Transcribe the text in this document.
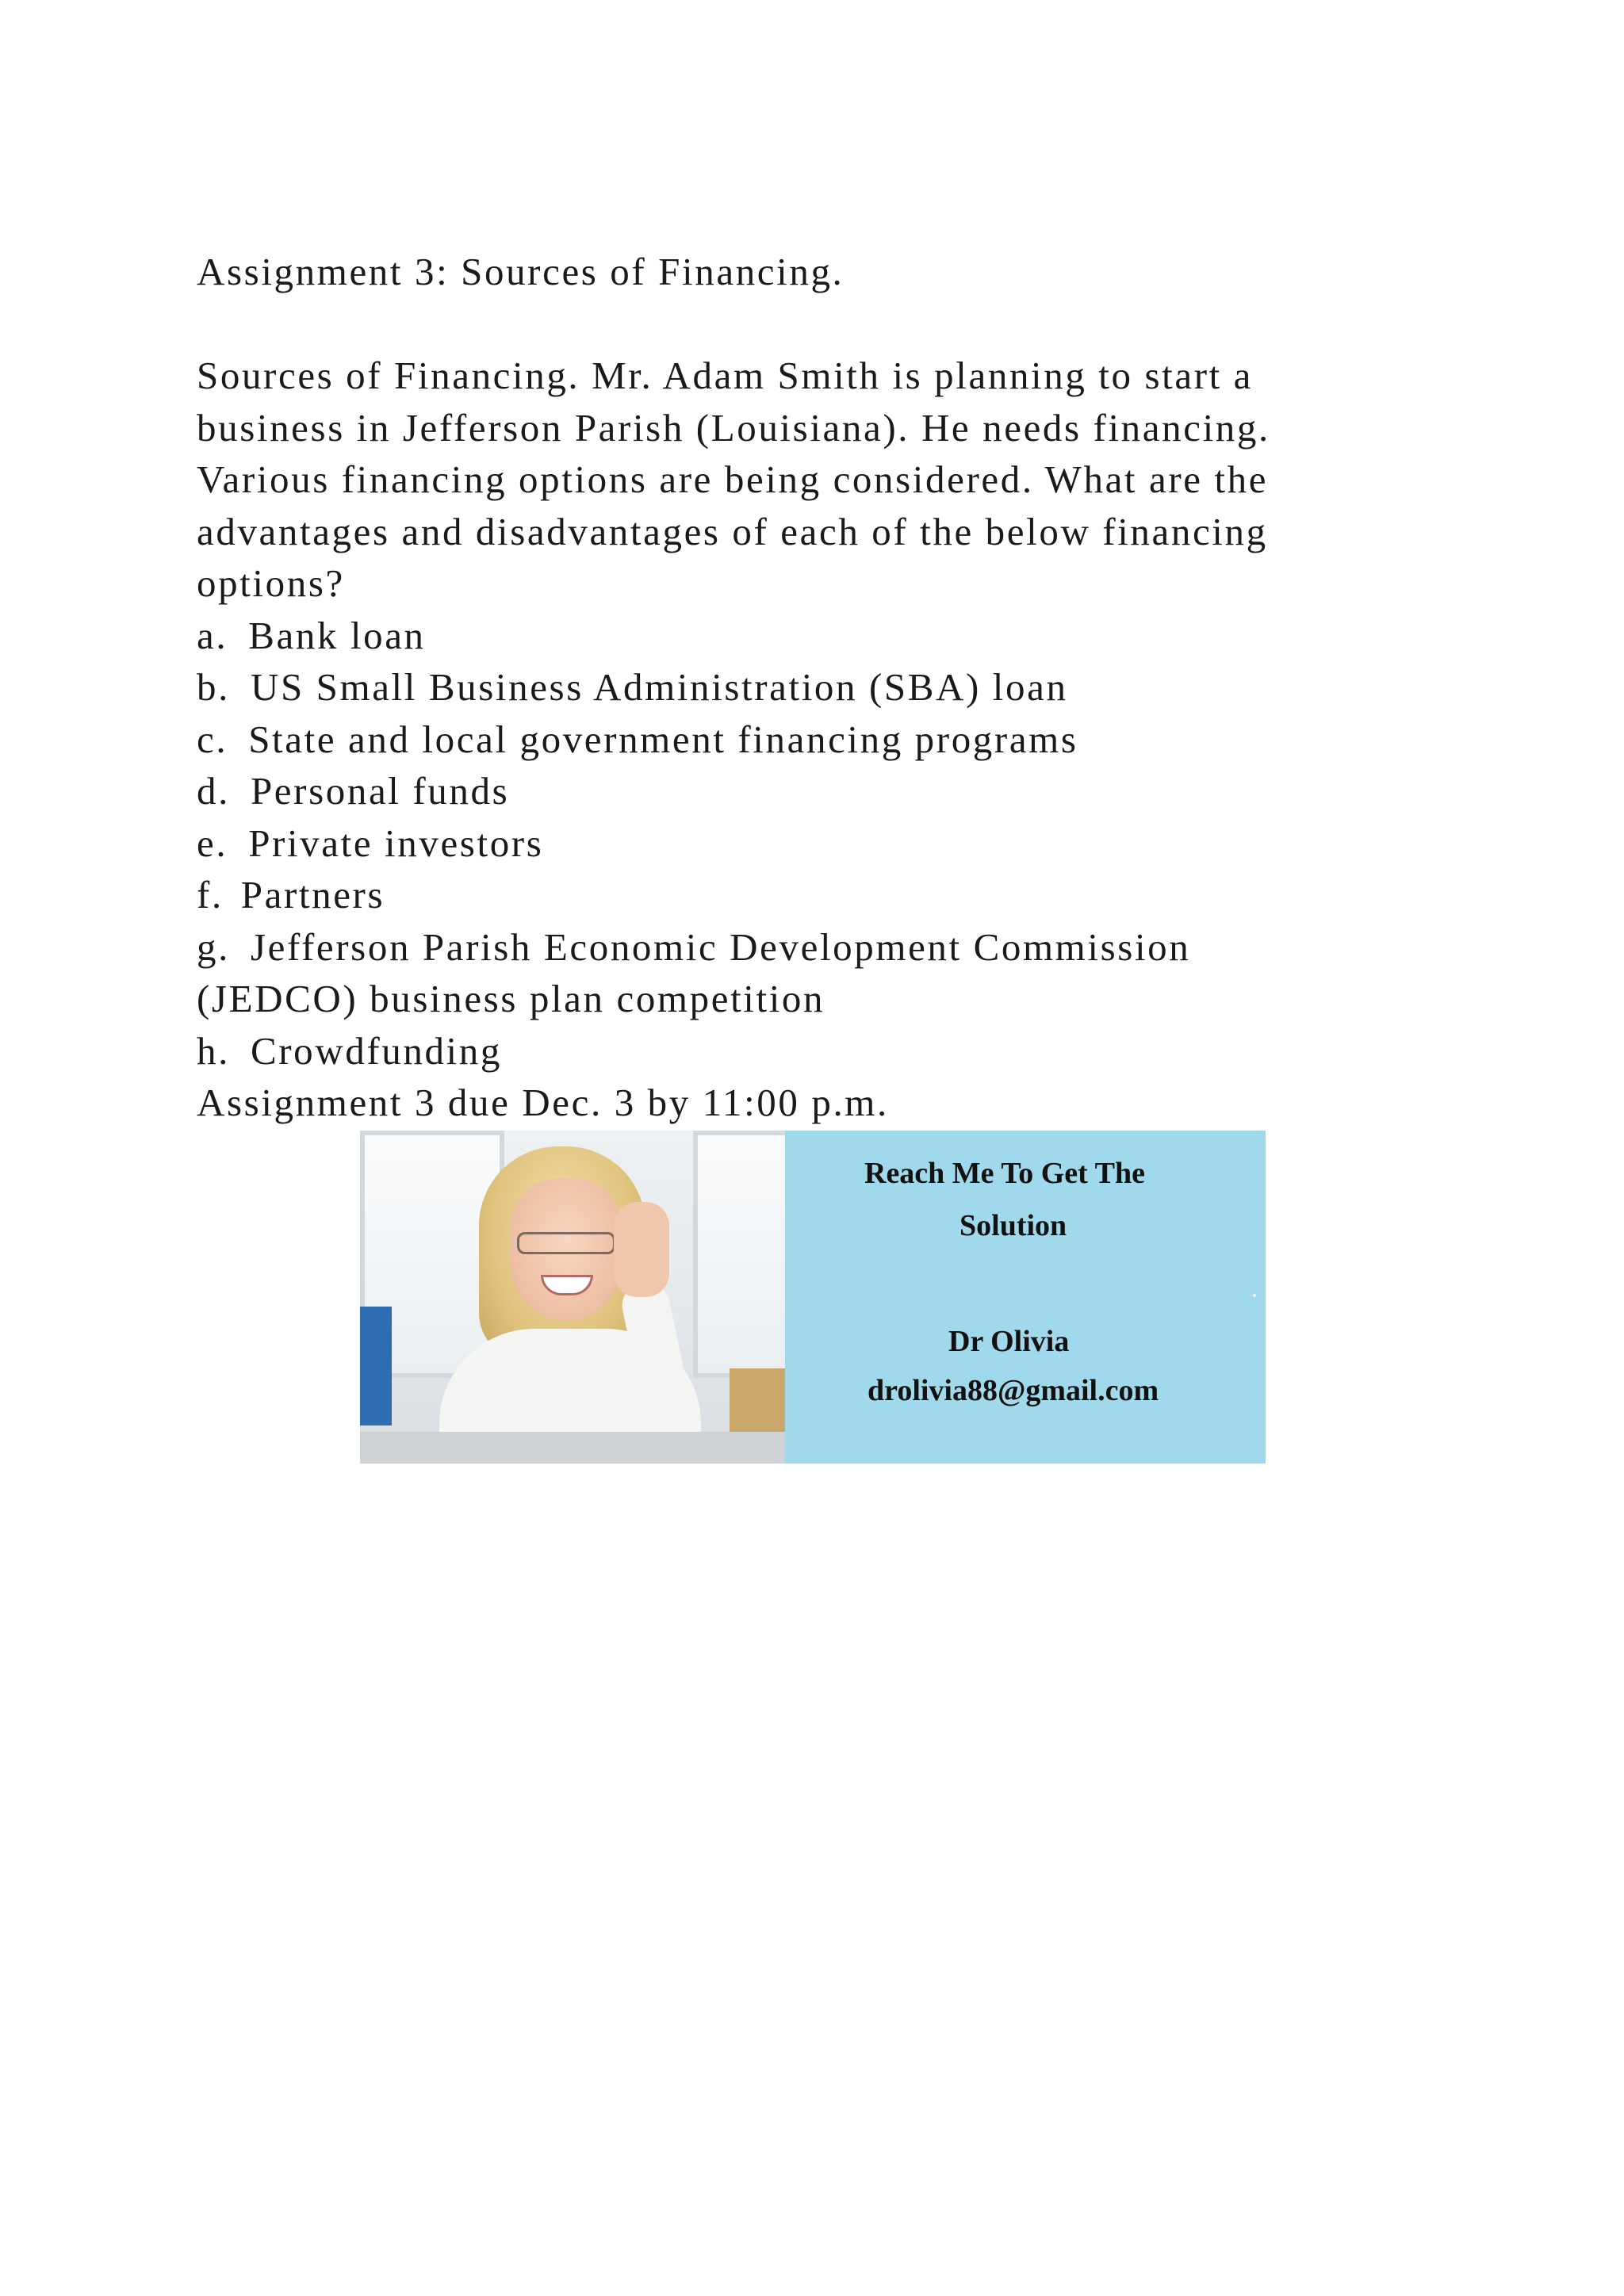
Assignment 3: Sources of Financing.
Sources of Financing. Mr. Adam Smith is planning to start a
business in Jefferson Parish (Louisiana). He needs financing.
Various financing options are being considered. What are the
advantages and disadvantages of each of the below financing
options?
a. Bank loan
b. US Small Business Administration (SBA) loan
c. State and local government financing programs
d. Personal funds
e. Private investors
f. Partners
g. Jefferson Parish Economic Development Commission
(JEDCO) business plan competition
h. Crowdfunding
Assignment 3 due Dec. 3 by 11:00 p.m.
Reach Me To Get The
Solution
Dr Olivia
drolivia88@gmail.com
